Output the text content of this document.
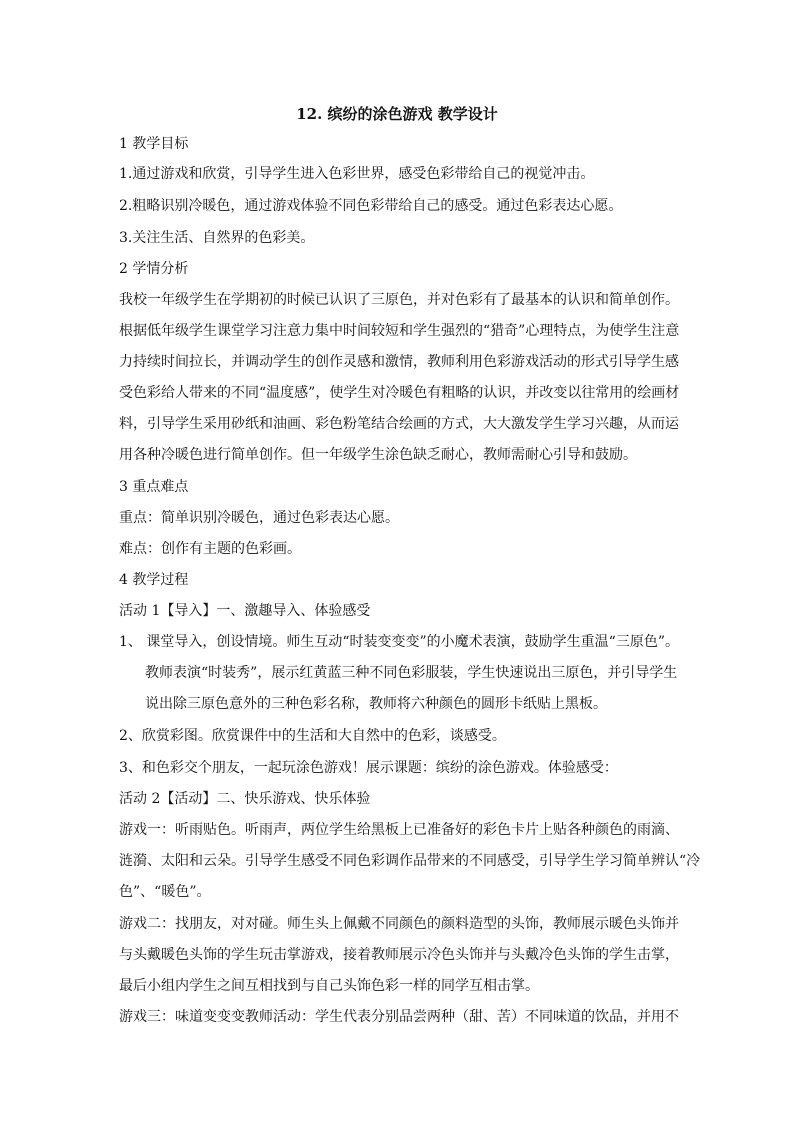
12. 缤纷的涂色游戏 教学设计
1 教学目标
1.通过游戏和欣赏，引导学生进入色彩世界，感受色彩带给自己的视觉冲击。
2.粗略识别冷暖色，通过游戏体验不同色彩带给自己的感受。通过色彩表达心愿。
3.关注生活、自然界的色彩美。
2 学情分析
我校一年级学生在学期初的时候已认识了三原色，并对色彩有了最基本的认识和简单创作。
根据低年级学生课堂学习注意力集中时间较短和学生强烈的“猎奇”心理特点，为使学生注意
力持续时间拉长，并调动学生的创作灵感和激情，教师利用色彩游戏活动的形式引导学生感
受色彩给人带来的不同“温度感”，使学生对冷暖色有粗略的认识，并改变以往常用的绘画材
料，引导学生采用砂纸和油画、彩色粉笔结合绘画的方式，大大激发学生学习兴趣，从而运
用各种冷暖色进行简单创作。但一年级学生涂色缺乏耐心，教师需耐心引导和鼓励。
3 重点难点
重点：简单识别冷暖色，通过色彩表达心愿。
难点：创作有主题的色彩画。
4 教学过程
活动 1【导入】一、激趣导入、体验感受
1、 课堂导入，创设情境。师生互动“时装变变变”的小魔术表演，鼓励学生重温“三原色”。
教师表演“时装秀”，展示红黄蓝三种不同色彩服装，学生快速说出三原色，并引导学生
说出除三原色意外的三种色彩名称，教师将六种颜色的圆形卡纸贴上黑板。
2、欣赏彩图。欣赏课件中的生活和大自然中的色彩，谈感受。
3、和色彩交个朋友，一起玩涂色游戏！展示课题：缤纷的涂色游戏。体验感受：
活动 2【活动】二、快乐游戏、快乐体验
游戏一：听雨贴色。听雨声，两位学生给黑板上已准备好的彩色卡片上贴各种颜色的雨滴、
涟漪、太阳和云朵。引导学生感受不同色彩调作品带来的不同感受，引导学生学习简单辨认“冷
色”、“暖色”。
游戏二：找朋友，对对碰。师生头上佩戴不同颜色的颜料造型的头饰，教师展示暖色头饰并
与头戴暖色头饰的学生玩击掌游戏，接着教师展示冷色头饰并与头戴冷色头饰的学生击掌，
最后小组内学生之间互相找到与自己头饰色彩一样的同学互相击掌。
游戏三：味道变变变教师活动：学生代表分别品尝两种（甜、苦）不同味道的饮品，并用不
